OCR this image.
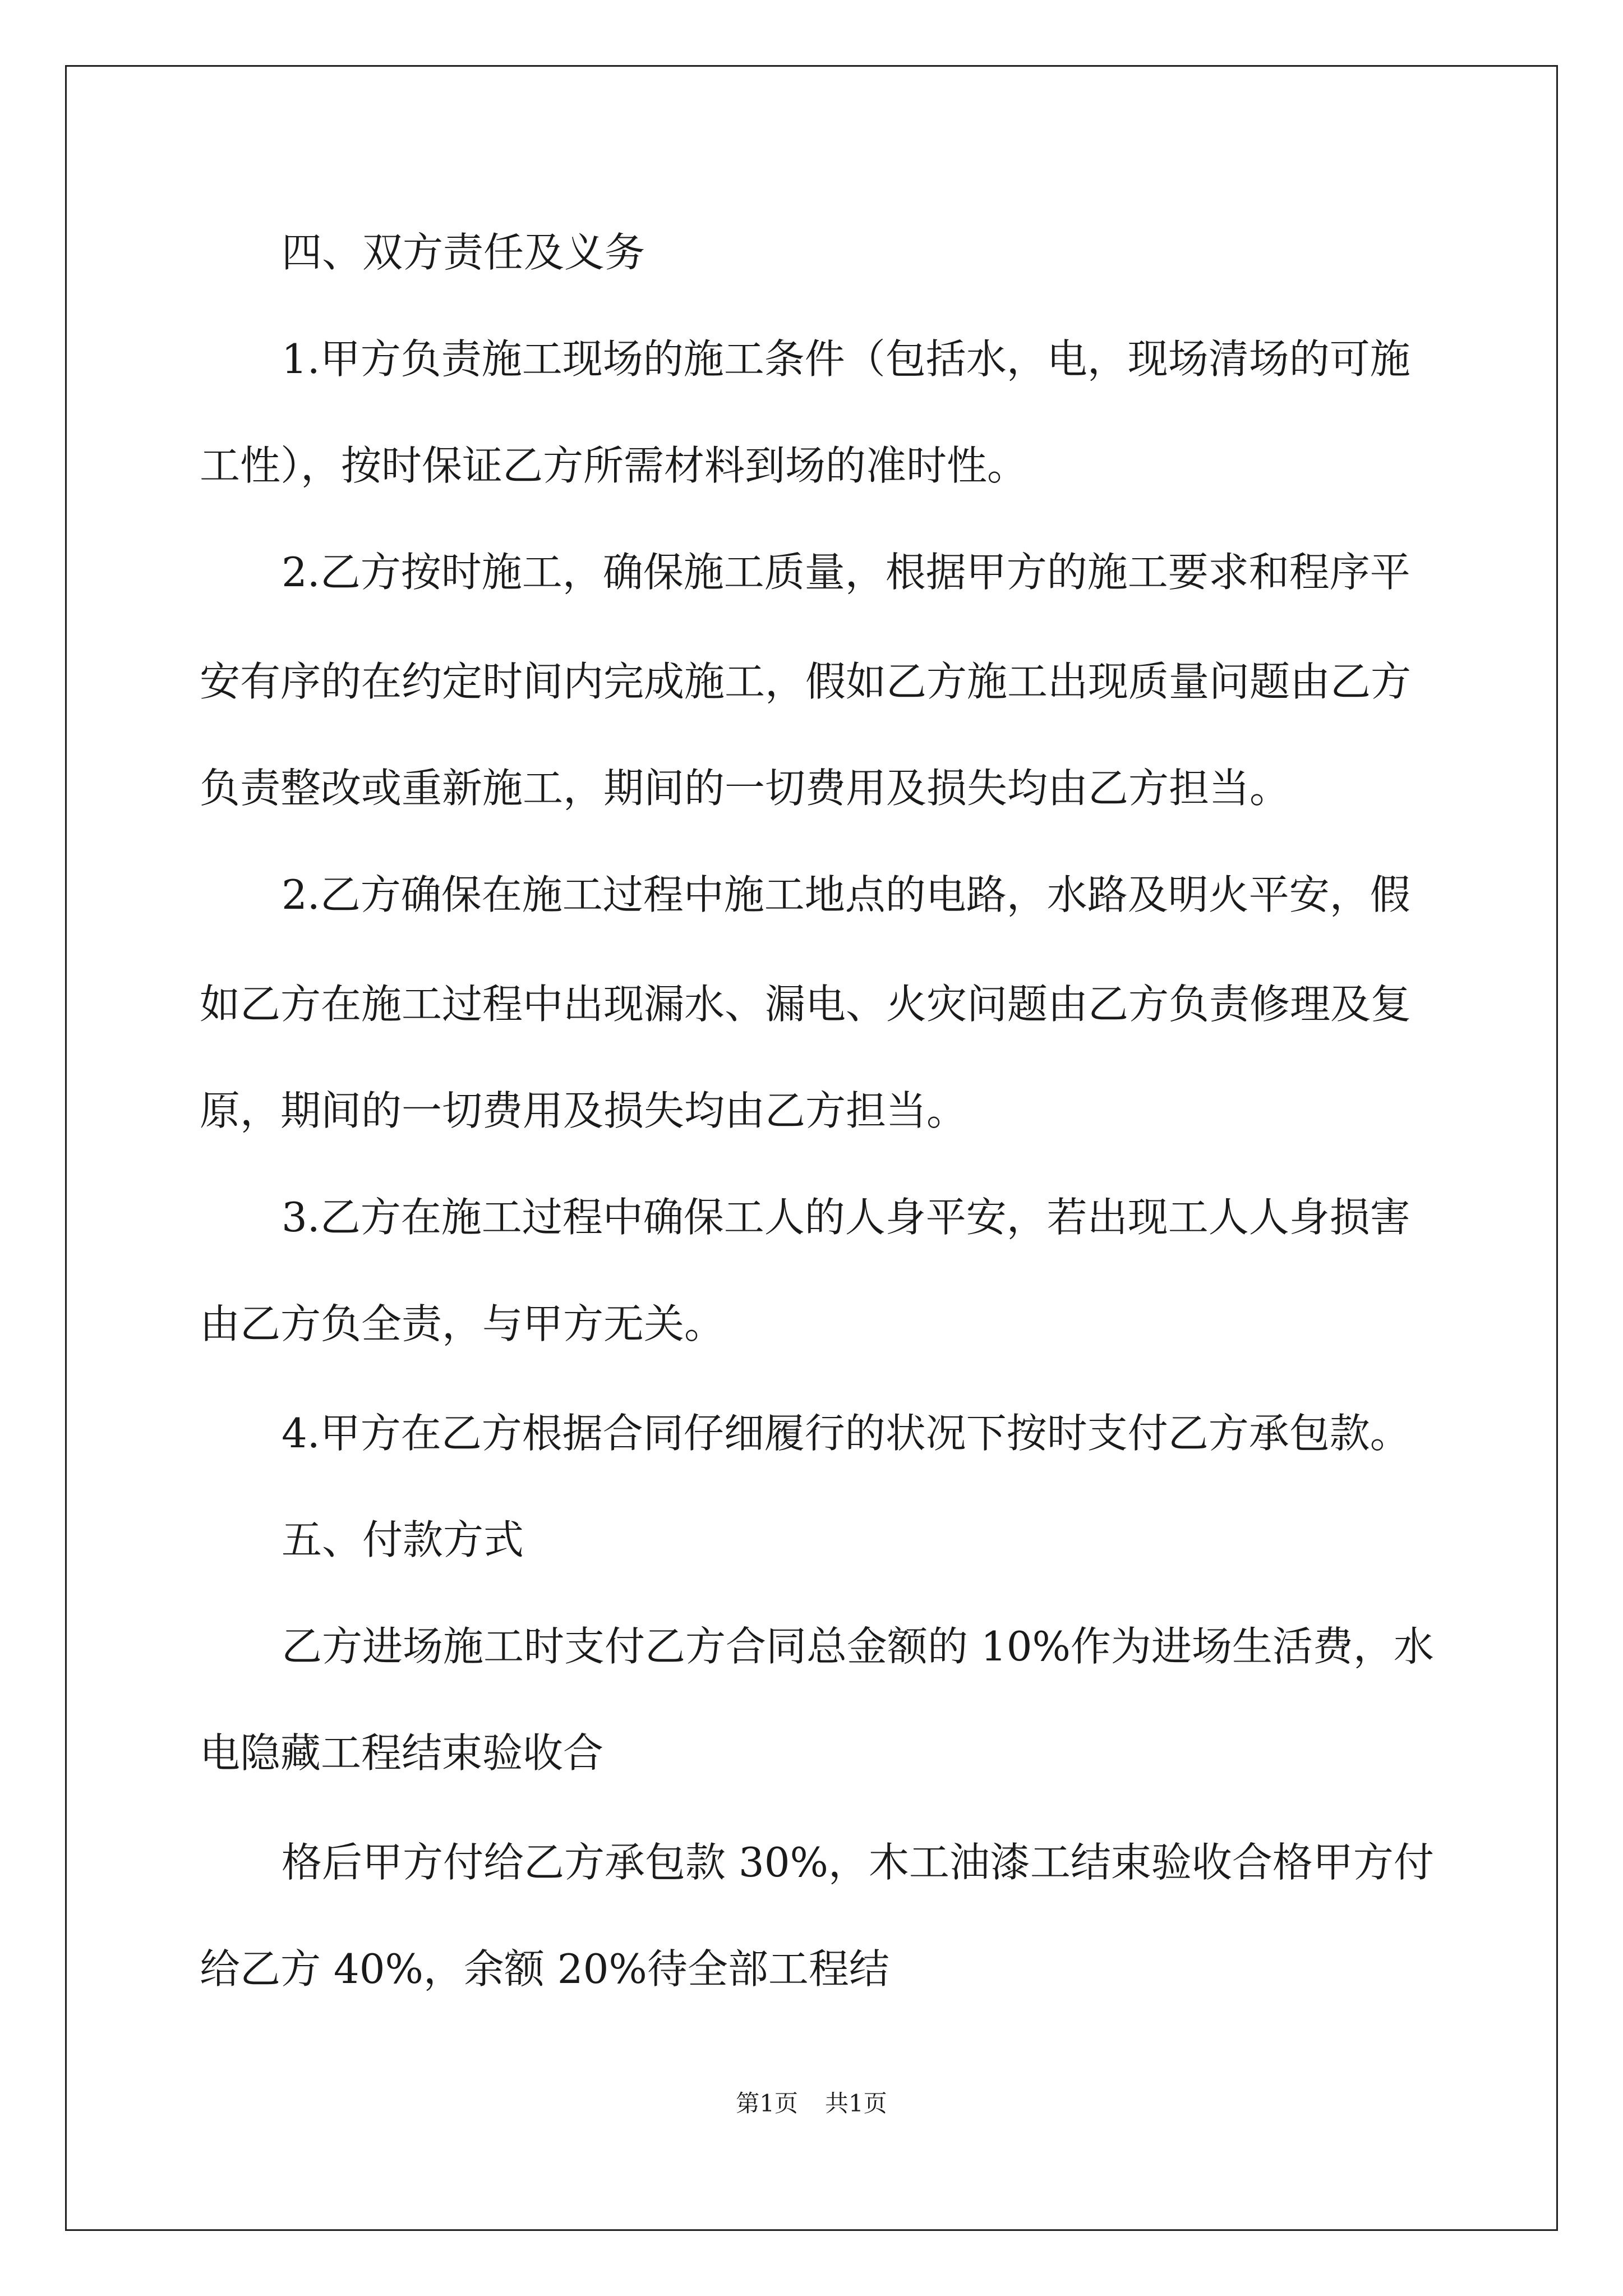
四、双方责任及义务
1.甲方负责施工现场的施工条件（包括水，电，现场清场的可施
工性），按时保证乙方所需材料到场的准时性。
2.乙方按时施工，确保施工质量，根据甲方的施工要求和程序平
安有序的在约定时间内完成施工，假如乙方施工出现质量问题由乙方
负责整改或重新施工，期间的一切费用及损失均由乙方担当。
2.乙方确保在施工过程中施工地点的电路，水路及明火平安，假
如乙方在施工过程中出现漏水、漏电、火灾问题由乙方负责修理及复
原，期间的一切费用及损失均由乙方担当。
3.乙方在施工过程中确保工人的人身平安，若出现工人人身损害
由乙方负全责，与甲方无关。
4.甲方在乙方根据合同仔细履行的状况下按时支付乙方承包款。
五、付款方式
乙方进场施工时支付乙方合同总金额的 10%作为进场生活费，水
电隐藏工程结束验收合
格后甲方付给乙方承包款 30%，木工油漆工结束验收合格甲方付
给乙方 40%，余额 20%待全部工程结
第1页 共1页
